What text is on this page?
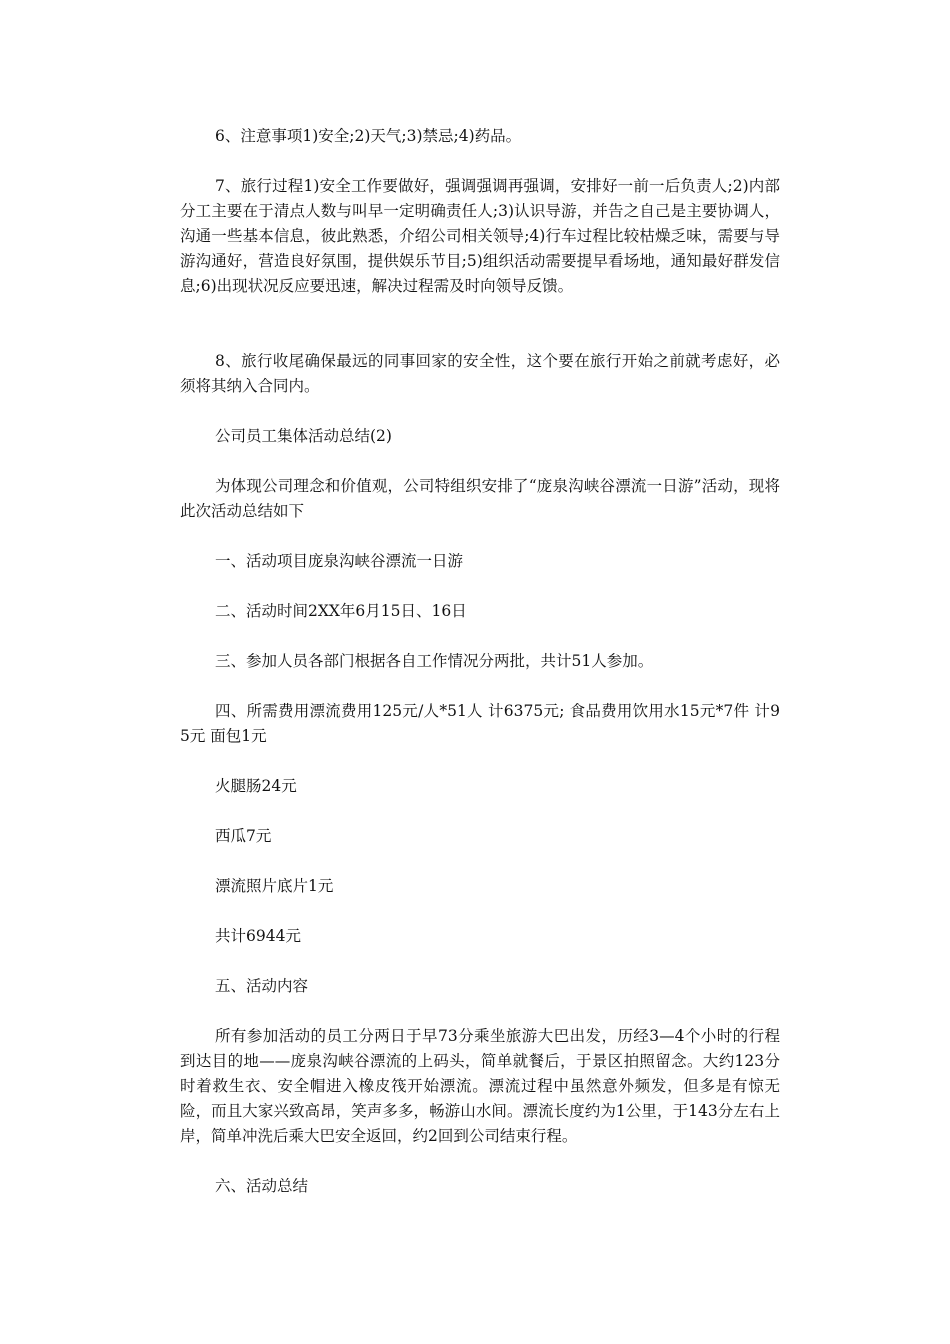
6、注意事项1)安全;2)天气;3)禁忌;4)药品。

7、旅行过程1)安全工作要做好，强调强调再强调，安排好一前一后负责人;2)内部分工主要在于清点人数与叫早一定明确责任人;3)认识导游，并告之自己是主要协调人，沟通一些基本信息，彼此熟悉，介绍公司相关领导;4)行车过程比较枯燥乏味，需要与导游沟通好，营造良好氛围，提供娱乐节目;5)组织活动需要提早看场地，通知最好群发信息;6)出现状况反应要迅速，解决过程需及时向领导反馈。

8、旅行收尾确保最远的同事回家的安全性，这个要在旅行开始之前就考虑好，必须将其纳入合同内。

公司员工集体活动总结(2)

为体现公司理念和价值观，公司特组织安排了“庞泉沟峡谷漂流一日游”活动，现将此次活动总结如下

一、活动项目庞泉沟峡谷漂流一日游

二、活动时间2XX年6月15日、16日

三、参加人员各部门根据各自工作情况分两批，共计51人参加。

四、所需费用漂流费用125元/人*51人 计6375元; 食品费用饮用水15元*7件 计95元 面包1元

火腿肠24元

西瓜7元

漂流照片底片1元

共计6944元

五、活动内容

所有参加活动的员工分两日于早73分乘坐旅游大巴出发，历经3—4个小时的行程到达目的地——庞泉沟峡谷漂流的上码头，简单就餐后，于景区拍照留念。大约123分时着救生衣、安全帽进入橡皮筏开始漂流。漂流过程中虽然意外频发，但多是有惊无险，而且大家兴致高昂，笑声多多，畅游山水间。漂流长度约为1公里，于143分左右上岸，简单冲洗后乘大巴安全返回，约2回到公司结束行程。

六、活动总结
